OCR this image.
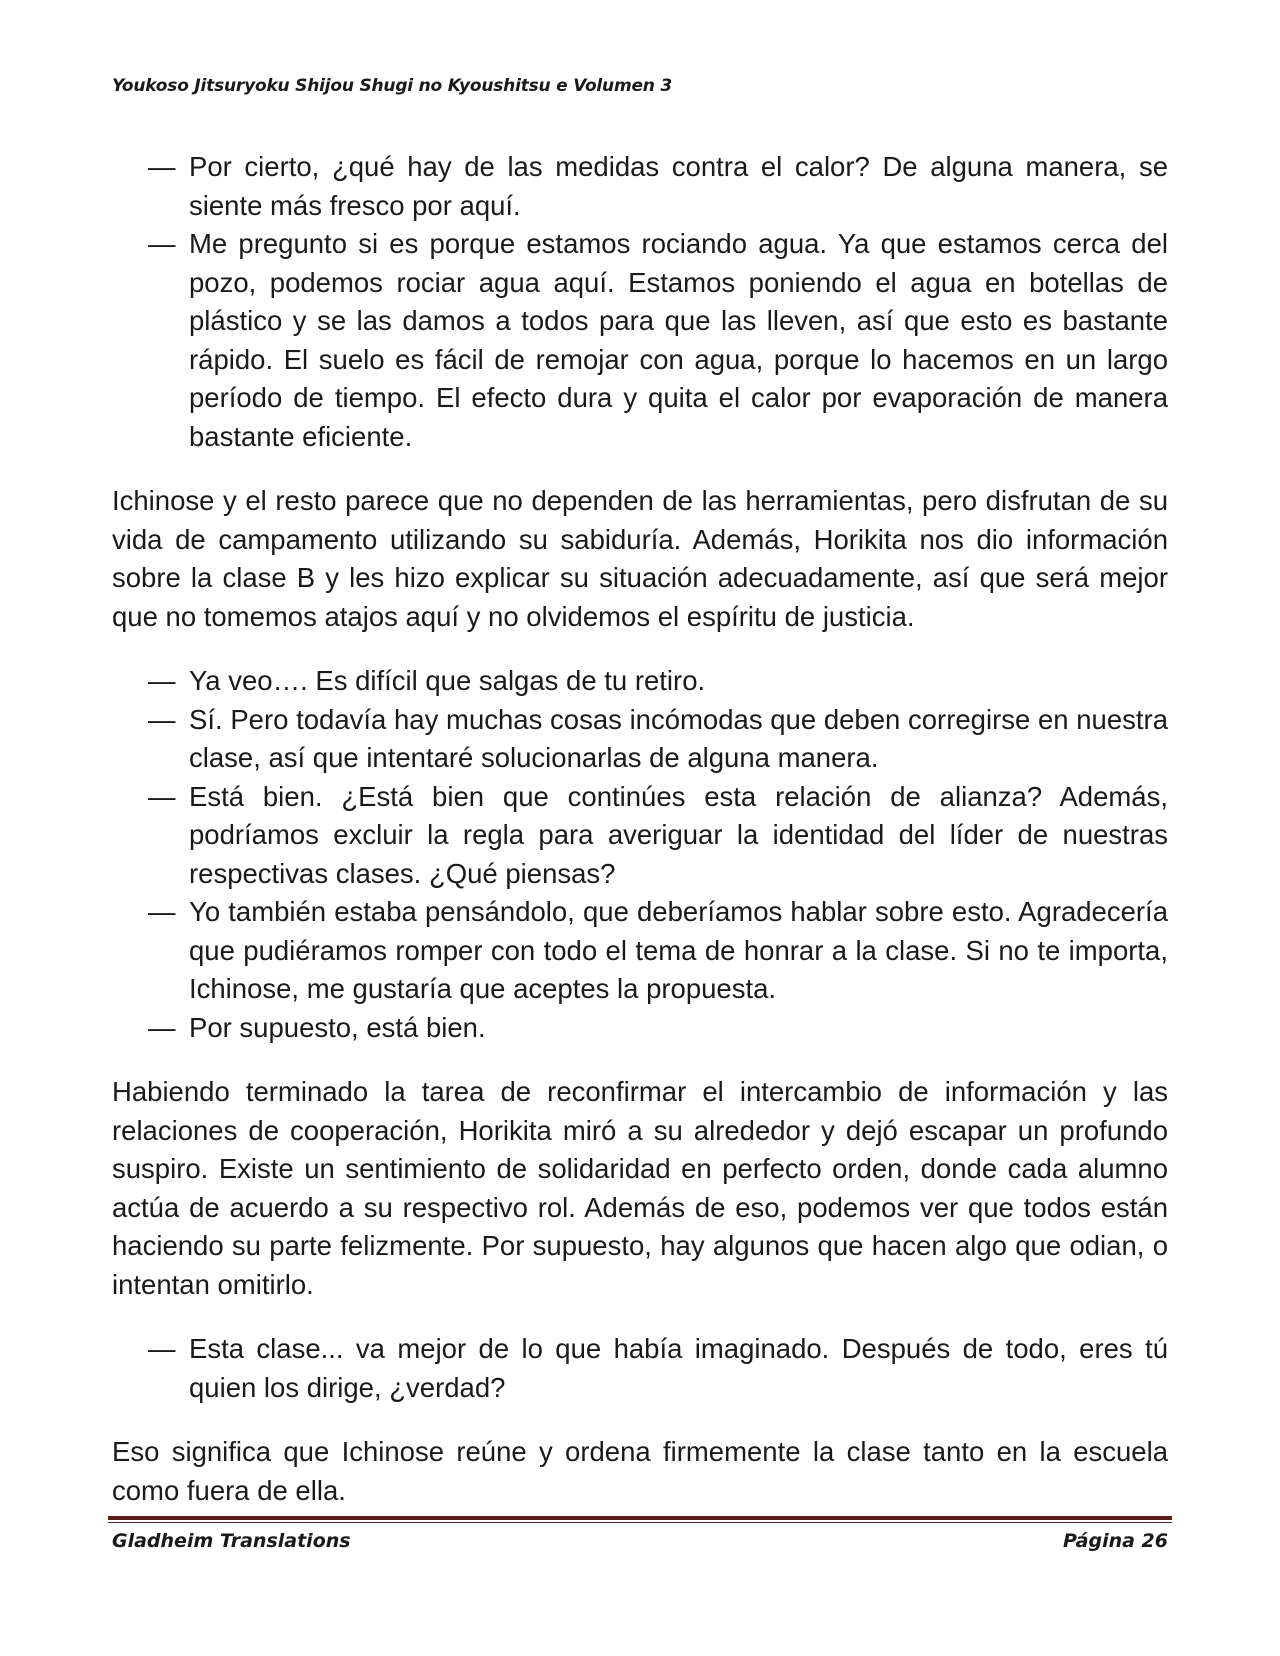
Youkoso Jitsuryoku Shijou Shugi no Kyoushitsu e Volumen 3
— Por cierto, ¿qué hay de las medidas contra el calor? De alguna manera, se siente más fresco por aquí.
— Me pregunto si es porque estamos rociando agua. Ya que estamos cerca del pozo, podemos rociar agua aquí. Estamos poniendo el agua en botellas de plástico y se las damos a todos para que las lleven, así que esto es bastante rápido. El suelo es fácil de remojar con agua, porque lo hacemos en un largo período de tiempo. El efecto dura y quita el calor por evaporación de manera bastante eficiente.

Ichinose y el resto parece que no dependen de las herramientas, pero disfrutan de su vida de campamento utilizando su sabiduría. Además, Horikita nos dio información sobre la clase B y les hizo explicar su situación adecuadamente, así que será mejor que no tomemos atajos aquí y no olvidemos el espíritu de justicia.

— Ya veo…. Es difícil que salgas de tu retiro.
— Sí. Pero todavía hay muchas cosas incómodas que deben corregirse en nuestra clase, así que intentaré solucionarlas de alguna manera.
— Está bien. ¿Está bien que continúes esta relación de alianza? Además, podríamos excluir la regla para averiguar la identidad del líder de nuestras respectivas clases. ¿Qué piensas?
— Yo también estaba pensándolo, que deberíamos hablar sobre esto. Agradecería que pudiéramos romper con todo el tema de honrar a la clase. Si no te importa, Ichinose, me gustaría que aceptes la propuesta.
— Por supuesto, está bien.

Habiendo terminado la tarea de reconfirmar el intercambio de información y las relaciones de cooperación, Horikita miró a su alrededor y dejó escapar un profundo suspiro. Existe un sentimiento de solidaridad en perfecto orden, donde cada alumno actúa de acuerdo a su respectivo rol. Además de eso, podemos ver que todos están haciendo su parte felizmente. Por supuesto, hay algunos que hacen algo que odian, o intentan omitirlo.

— Esta clase... va mejor de lo que había imaginado. Después de todo, eres tú quien los dirige, ¿verdad?

Eso significa que Ichinose reúne y ordena firmemente la clase tanto en la escuela como fuera de ella.

Gladheim Translations	Página 26
